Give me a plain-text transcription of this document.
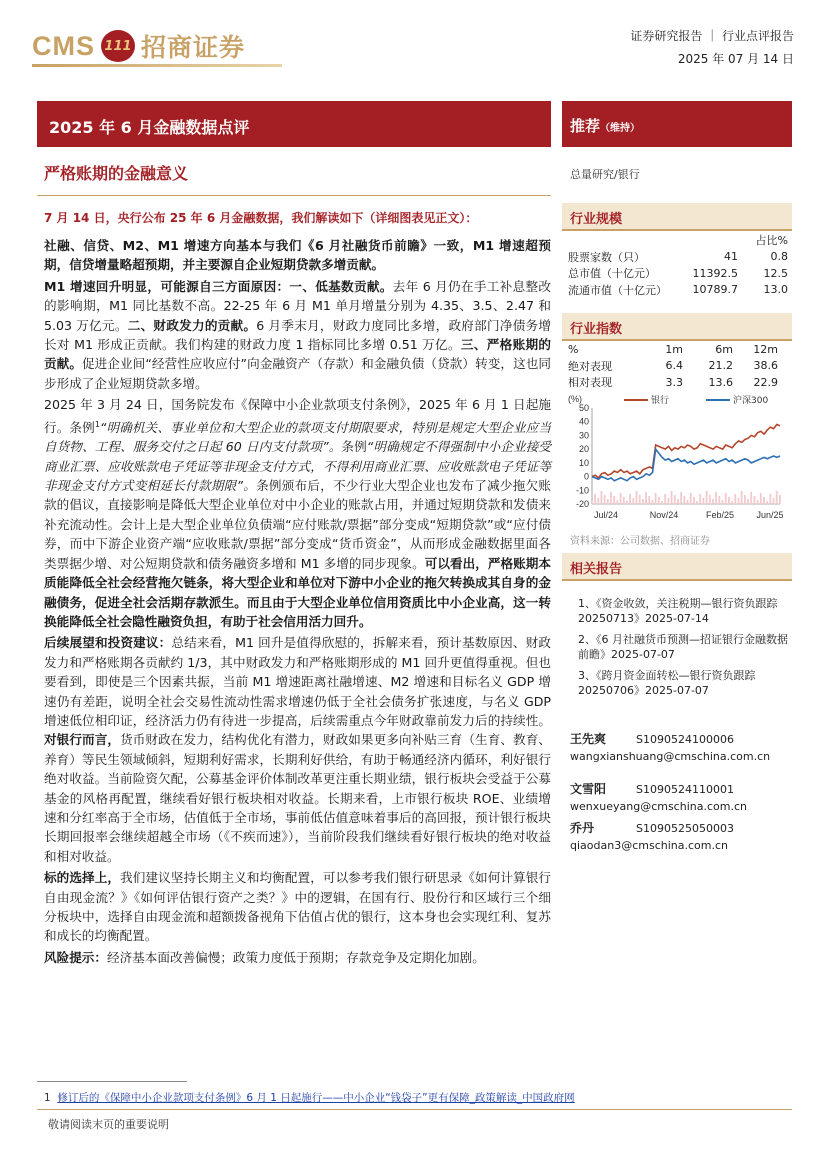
CMS 111 招商证券	证券研究报告 ｜ 行业点评报告
2025 年 07 月 14 日
2025 年 6 月金融数据点评
严格账期的金融意义
推荐（维持）
总量研究/银行
行业规模
		占比%
股票家数（只）	41	0.8
总市值（十亿元）	11392.5	12.5
流通市值（十亿元）	10789.7	13.0
行业指数
%	1m	6m	12m
绝对表现	6.4	21.2	38.6
相对表现	3.3	13.6	22.9
(%)
50
40
30
20
10
0
-10
-20
银行	沪深300
Jul/24	Nov/24	Feb/25 Jun/25
资料来源：公司数据、招商证券
相关报告
1、《资金收敛，关注税期—银行资负跟踪 20250713》2025-07-14
2、《6 月社融货币预测—招证银行金融数据前瞻》2025-07-07
3、《跨月资金面转松—银行资负跟踪 20250706》2025-07-07
王先爽	S1090524100006
wangxianshuang@cmschina.com.cn
文雪阳	S1090524110001
wenxueyang@cmschina.com.cn
乔丹	S1090525050003
qiaodan3@cmschina.com.cn
7 月 14 日，央行公布 25 年 6 月金融数据，我们解读如下（详细图表见正文）：

社融、信贷、M2、M1 增速方向基本与我们《6 月社融货币前瞻》一致，M1 增速超预期，信贷增量略超预期，并主要源自企业短期贷款多增贡献。

M1 增速回升明显，可能源自三方面原因：一、低基数贡献。去年 6 月仍在手工补息整改的影响期，M1 同比基数不高。22-25 年 6 月 M1 单月增量分别为 4.35、3.5、2.47 和 5.03 万亿元。二、财政发力的贡献。6 月季末月，财政力度同比多增，政府部门净债务增长对 M1 形成正贡献。我们构建的财政力度 1 指标同比多增 0.51 万亿。三、严格账期的贡献。促进企业间“经营性应收应付”向金融资产（存款）和金融负债（贷款）转变，这也同步形成了企业短期贷款多增。

2025 年 3 月 24 日，国务院发布《保障中小企业款项支付条例》，2025 年 6 月 1 日起施行。条例$^1$“明确机关、事业单位和大型企业的款项支付期限要求，特别是规定大型企业应当自货物、工程、服务交付之日起 60 日内支付款项”。条例“明确规定不得强制中小企业接受商业汇票、应收账款电子凭证等非现金支付方式，不得利用商业汇票、应收账款电子凭证等非现金支付方式变相延长付款期限”。条例颁布后，不少行业大型企业也发布了减少拖欠账款的倡议，直接影响是降低大型企业单位对中小企业的账款占用，并通过短期贷款和发债来补充流动性。会计上是大型企业单位负债端“应付账款/票据”部分变成“短期贷款”或“应付债券，而中下游企业资产端“应收账款/票据”部分变成“货币资金”，从而形成金融数据里面各类票据少增、对公短期贷款和债务融资多增和 M1 多增的同步现象。可以看出，严格账期本质能降低全社会经营拖欠链条，将大型企业和单位对下游中小企业的拖欠转换成其自身的金融债务，促进全社会活期存款派生。而且由于大型企业单位信用资质比中小企业高，这一转换能降低全社会隐性融资负担，有助于社会信用活力回升。

后续展望和投资建议：总结来看，M1 回升是值得欣慰的，拆解来看，预计基数原因、财政发力和严格账期各贡献约 1/3，其中财政发力和严格账期形成的 M1 回升更值得重视。但也要看到，即使是三个因素共振，当前 M1 增速距离社融增速、M2 增速和目标名义 GDP 增速仍有差距，说明全社会交易性流动性需求增速仍低于全社会债务扩张速度，与名义 GDP 增速低位相印证，经济活力仍有待进一步提高，后续需重点今年财政靠前发力后的持续性。对银行而言，货币财政在发力，结构优化有潜力，财政如果更多向补贴三育（生育、教育、养育）等民生领域倾斜，短期利好需求，长期利好供给，有助于畅通经济内循环，利好银行绝对收益。当前险资欠配，公募基金评价体制改革更注重长期业绩，银行板块会受益于公募基金的风格再配置，继续看好银行板块相对收益。长期来看，上市银行板块 ROE、业绩增速和分红率高于全市场，估值低于全市场，事前低估值意味着事后的高回报，预计银行板块长期回报率会继续超越全市场（《不疾而速》），当前阶段我们继续看好银行板块的绝对收益和相对收益。

标的选择上，我们建议坚持长期主义和均衡配置，可以参考我们银行研思录《如何计算银行自由现金流？》《如何评估银行资产之类？》中的逻辑，在国有行、股份行和区域行三个细分板块中，选择自由现金流和超额拨备视角下估值占优的银行，这本身也会实现红利、复苏和成长的均衡配置。

风险提示：经济基本面改善偏慢；政策力度低于预期；存款竞争及定期化加剧。

1 修订后的《保障中小企业款项支付条例》6 月 1 日起施行——中小企业“钱袋子”更有保障_政策解读_中国政府网
敬请阅读末页的重要说明
